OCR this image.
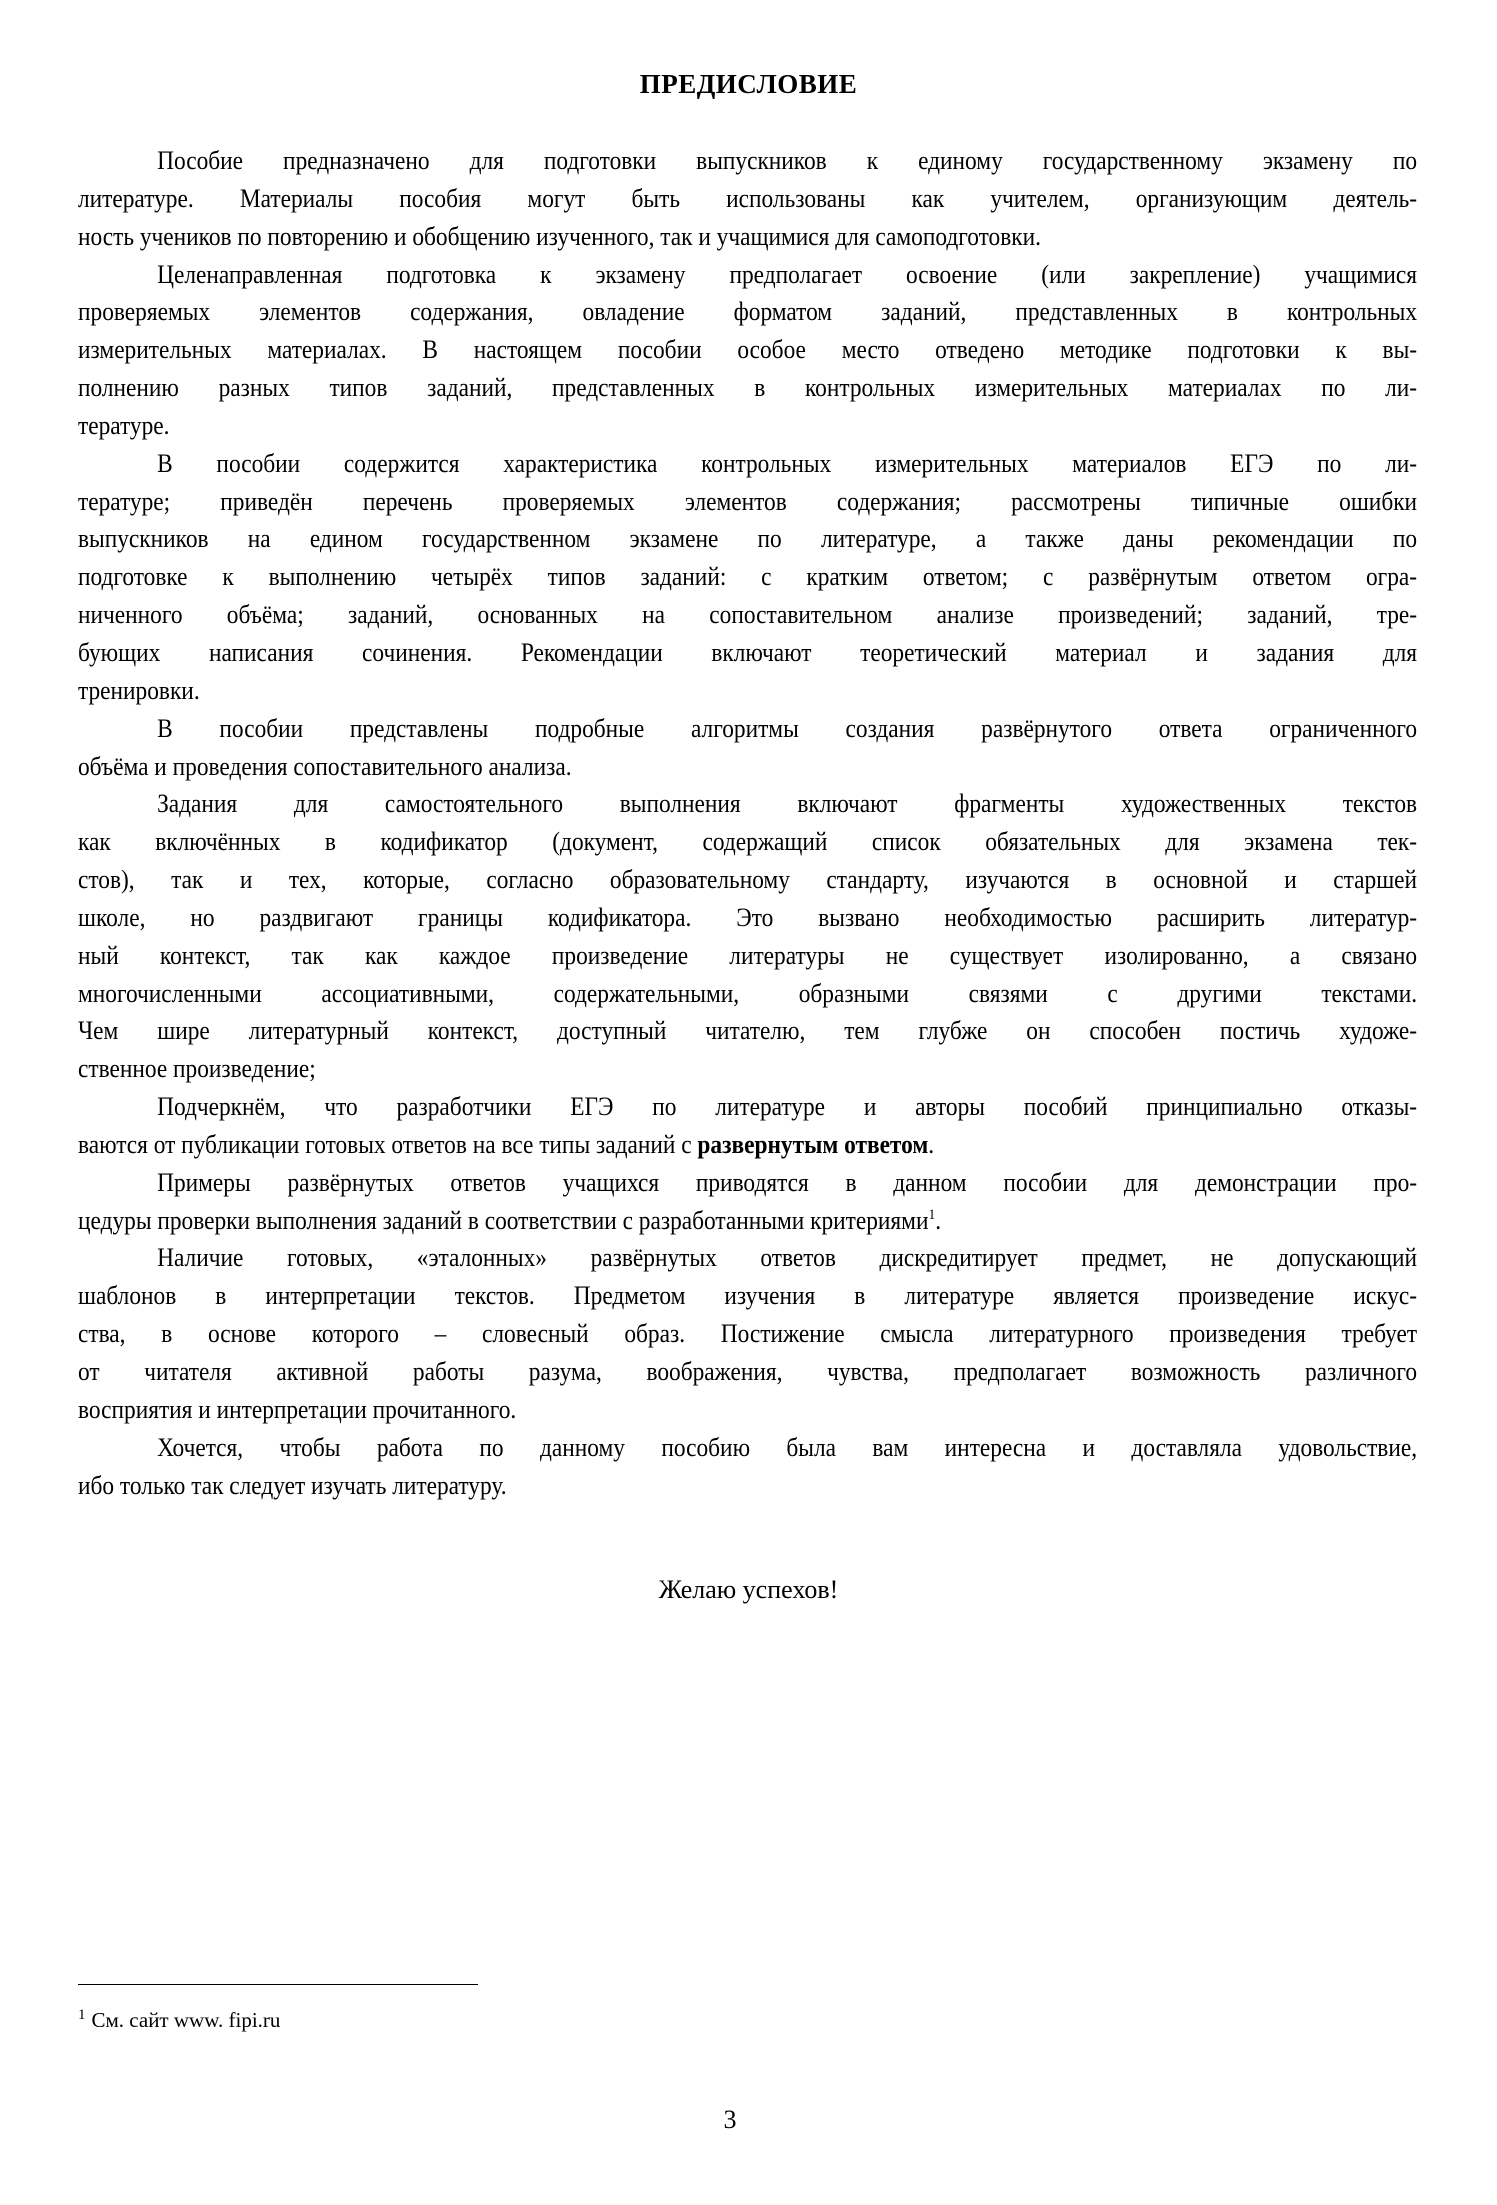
ПРЕДИСЛОВИЕ
Пособие предназначено для подготовки выпускников к единому государственному экзамену по
литературе. Материалы пособия могут быть использованы как учителем, организующим деятель-
ность учеников по повторению и обобщению изученного, так и учащимися для самоподготовки.
Целенаправленная подготовка к экзамену предполагает освоение (или закрепление) учащимися
проверяемых элементов содержания, овладение форматом заданий, представленных в контрольных
измерительных материалах. В настоящем пособии особое место отведено методике подготовки к вы-
полнению разных типов заданий, представленных в контрольных измерительных материалах по ли-
тературе.
В пособии содержится характеристика контрольных измерительных материалов ЕГЭ по ли-
тературе; приведён перечень проверяемых элементов содержания; рассмотрены типичные ошибки
выпускников на едином государственном экзамене по литературе, а также даны рекомендации по
подготовке к выполнению четырёх типов заданий: с кратким ответом; с развёрнутым ответом огра-
ниченного объёма; заданий, основанных на сопоставительном анализе произведений; заданий, тре-
бующих написания сочинения. Рекомендации включают теоретический материал и задания для
тренировки.
В пособии представлены подробные алгоритмы создания развёрнутого ответа ограниченного
объёма и проведения сопоставительного анализа.
Задания для самостоятельного выполнения включают фрагменты художественных текстов
как включённых в кодификатор (документ, содержащий список обязательных для экзамена тек-
стов), так и тех, которые, согласно образовательному стандарту, изучаются в основной и старшей
школе, но раздвигают границы кодификатора. Это вызвано необходимостью расширить литератур-
ный контекст, так как каждое произведение литературы не существует изолированно, а связано
многочисленными ассоциативными, содержательными, образными связями с другими текстами.
Чем шире литературный контекст, доступный читателю, тем глубже он способен постичь художе-
ственное произведение;
Подчеркнём, что разработчики ЕГЭ по литературе и авторы пособий принципиально отказы-
ваются от публикации готовых ответов на все типы заданий с развернутым ответом.
Примеры развёрнутых ответов учащихся приводятся в данном пособии для демонстрации про-
цедуры проверки выполнения заданий в соответствии с разработанными критериями$^1$.
Наличие готовых, «эталонных» развёрнутых ответов дискредитирует предмет, не допускающий
шаблонов в интерпретации текстов. Предметом изучения в литературе является произведение искус-
ства, в основе которого – словесный образ. Постижение смысла литературного произведения требует
от читателя активной работы разума, воображения, чувства, предполагает возможность различного
восприятия и интерпретации прочитанного.
Хочется, чтобы работа по данному пособию была вам интересна и доставляла удовольствие,
ибо только так следует изучать литературу.
Желаю успехов!
$^1$ См. сайт www. fipi.ru
3
